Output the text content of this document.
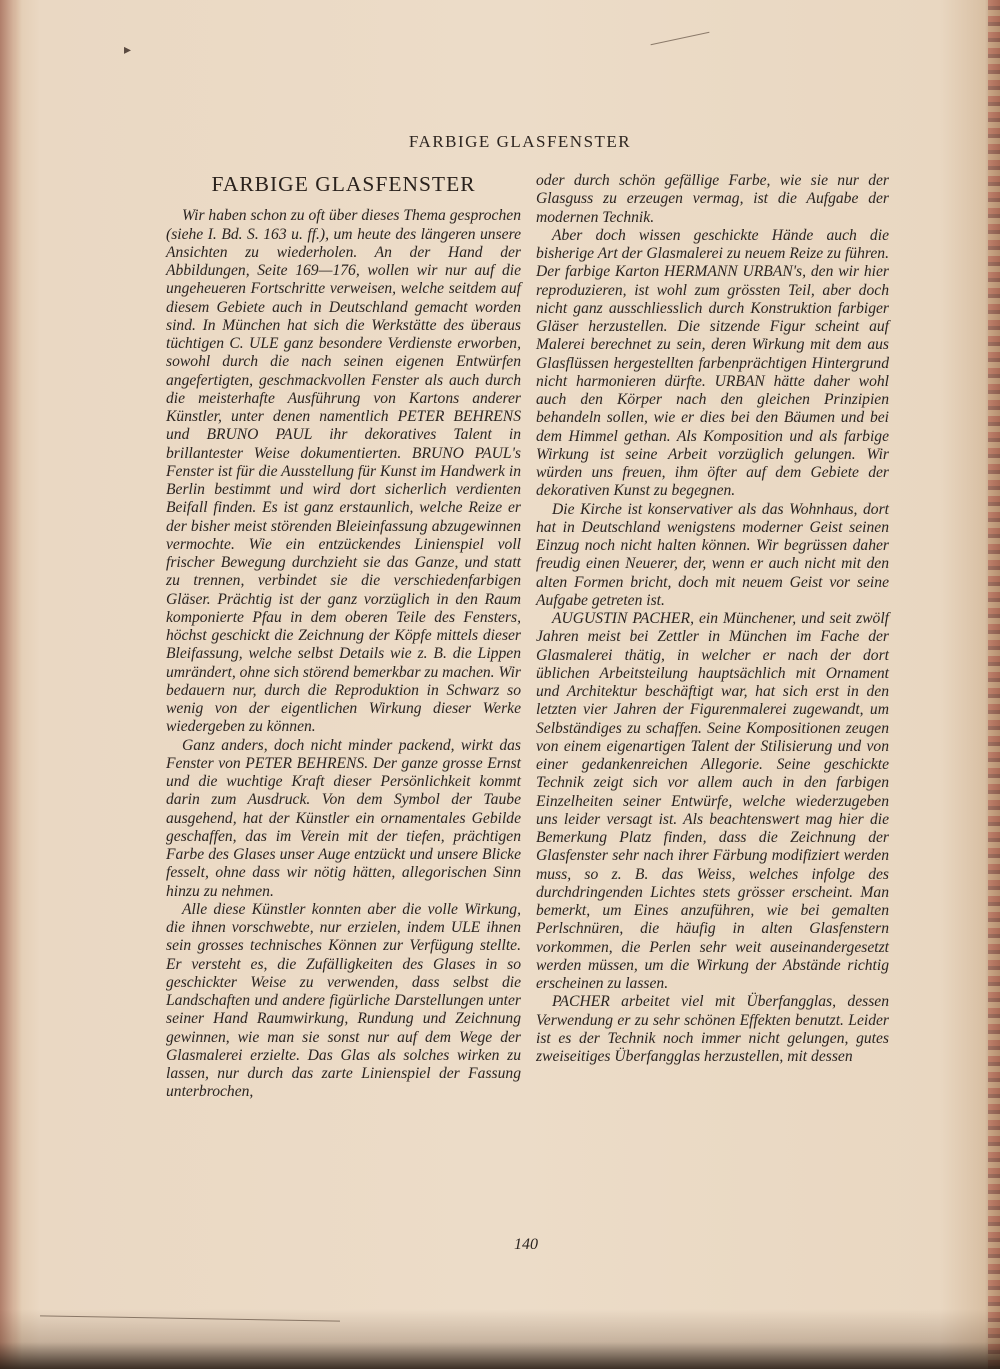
▸
FARBIGE GLASFENSTER
FARBIGE GLASFENSTER

Wir haben schon zu oft über dieses Thema gesprochen (siehe I. Bd. S. 163 u. ff.), um heute des längeren unsere Ansichten zu wiederholen. An der Hand der Abbildungen, Seite 169—176, wollen wir nur auf die ungeheueren Fortschritte verweisen, welche seitdem auf diesem Gebiete auch in Deutschland gemacht worden sind. In München hat sich die Werkstätte des überaus tüchtigen C. ULE ganz besondere Verdienste erworben, sowohl durch die nach seinen eigenen Entwürfen angefertigten, geschmackvollen Fenster als auch durch die meisterhafte Ausführung von Kartons anderer Künstler, unter denen namentlich PETER BEHRENS und BRUNO PAUL ihr dekoratives Talent in brillantester Weise dokumentierten. BRUNO PAUL's Fenster ist für die Ausstellung für Kunst im Handwerk in Berlin bestimmt und wird dort sicherlich verdienten Beifall finden. Es ist ganz erstaunlich, welche Reize er der bisher meist störenden Bleieinfassung abzugewinnen vermochte. Wie ein entzückendes Linienspiel voll frischer Bewegung durchzieht sie das Ganze, und statt zu trennen, verbindet sie die verschiedenfarbigen Gläser. Prächtig ist der ganz vorzüglich in den Raum komponierte Pfau in dem oberen Teile des Fensters, höchst geschickt die Zeichnung der Köpfe mittels dieser Bleifassung, welche selbst Details wie z. B. die Lippen umrändert, ohne sich störend bemerkbar zu machen. Wir bedauern nur, durch die Reproduktion in Schwarz so wenig von der eigentlichen Wirkung dieser Werke wiedergeben zu können.

Ganz anders, doch nicht minder packend, wirkt das Fenster von PETER BEHRENS. Der ganze grosse Ernst und die wuchtige Kraft dieser Persönlichkeit kommt darin zum Ausdruck. Von dem Symbol der Taube ausgehend, hat der Künstler ein ornamentales Gebilde geschaffen, das im Verein mit der tiefen, prächtigen Farbe des Glases unser Auge entzückt und unsere Blicke fesselt, ohne dass wir nötig hätten, allegorischen Sinn hinzu zu nehmen.

Alle diese Künstler konnten aber die volle Wirkung, die ihnen vorschwebte, nur erzielen, indem ULE ihnen sein grosses technisches Können zur Verfügung stellte. Er versteht es, die Zufälligkeiten des Glases in so geschickter Weise zu verwenden, dass selbst die Landschaften und andere figürliche Darstellungen unter seiner Hand Raumwirkung, Rundung und Zeichnung gewinnen, wie man sie sonst nur auf dem Wege der Glasmalerei erzielte. Das Glas als solches wirken zu lassen, nur durch das zarte Linienspiel der Fassung unterbrochen,

oder durch schön gefällige Farbe, wie sie nur der Glasguss zu erzeugen vermag, ist die Aufgabe der modernen Technik.

Aber doch wissen geschickte Hände auch die bisherige Art der Glasmalerei zu neuem Reize zu führen. Der farbige Karton HERMANN URBAN's, den wir hier reproduzieren, ist wohl zum grössten Teil, aber doch nicht ganz ausschliesslich durch Konstruktion farbiger Gläser herzustellen. Die sitzende Figur scheint auf Malerei berechnet zu sein, deren Wirkung mit dem aus Glasflüssen hergestellten farbenprächtigen Hintergrund nicht harmonieren dürfte. URBAN hätte daher wohl auch den Körper nach den gleichen Prinzipien behandeln sollen, wie er dies bei den Bäumen und bei dem Himmel gethan. Als Komposition und als farbige Wirkung ist seine Arbeit vorzüglich gelungen. Wir würden uns freuen, ihm öfter auf dem Gebiete der dekorativen Kunst zu begegnen.

Die Kirche ist konservativer als das Wohnhaus, dort hat in Deutschland wenigstens moderner Geist seinen Einzug noch nicht halten können. Wir begrüssen daher freudig einen Neuerer, der, wenn er auch nicht mit den alten Formen bricht, doch mit neuem Geist vor seine Aufgabe getreten ist.

AUGUSTIN PACHER, ein Münchener, und seit zwölf Jahren meist bei Zettler in München im Fache der Glasmalerei thätig, in welcher er nach der dort üblichen Arbeitsteilung hauptsächlich mit Ornament und Architektur beschäftigt war, hat sich erst in den letzten vier Jahren der Figurenmalerei zugewandt, um Selbständiges zu schaffen. Seine Kompositionen zeugen von einem eigenartigen Talent der Stilisierung und von einer gedankenreichen Allegorie. Seine geschickte Technik zeigt sich vor allem auch in den farbigen Einzelheiten seiner Entwürfe, welche wiederzugeben uns leider versagt ist. Als beachtenswert mag hier die Bemerkung Platz finden, dass die Zeichnung der Glasfenster sehr nach ihrer Färbung modifiziert werden muss, so z. B. das Weiss, welches infolge des durchdringenden Lichtes stets grösser erscheint. Man bemerkt, um Eines anzuführen, wie bei gemalten Perlschnüren, die häufig in alten Glasfenstern vorkommen, die Perlen sehr weit auseinandergesetzt werden müssen, um die Wirkung der Abstände richtig erscheinen zu lassen.

PACHER arbeitet viel mit Überfangglas, dessen Verwendung er zu sehr schönen Effekten benutzt. Leider ist es der Technik noch immer nicht gelungen, gutes zweiseitiges Überfangglas herzustellen, mit dessen

140
